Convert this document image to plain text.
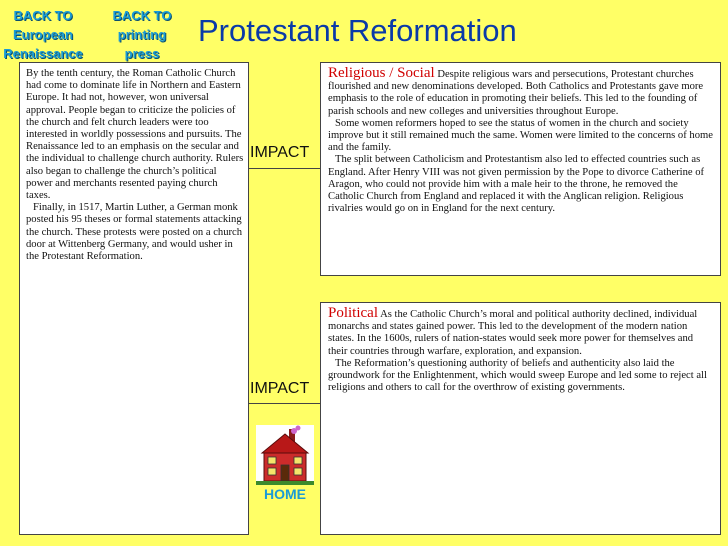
BACK TO
European
Renaissance
BACK TO
printing
press
Protestant Reformation

By the tenth century, the Roman Catholic Church had come to dominate life in Northern and Eastern Europe. It had not, however, won universal approval. People began to criticize the policies of the church and felt church leaders were too interested in worldly possessions and pursuits. The Renaissance led to an emphasis on the secular and the individual to challenge church authority. Rulers also began to challenge the church’s political power and merchants resented paying church taxes.

Finally, in 1517, Martin Luther, a German monk posted his 95 theses or formal statements attacking the church. These protests were posted on a church door at Wittenberg Germany, and would usher in the Protestant Reformation.

IMPACT

Religious / Social Despite religious wars and persecutions, Protestant churches flourished and new denominations developed. Both Catholics and Protestants gave more emphasis to the role of education in promoting their beliefs. This led to the founding of parish schools and new colleges and universities throughout Europe.

Some women reformers hoped to see the status of women in the church and society improve but it still remained much the same. Women were limited to the concerns of home and the family.

The split between Catholicism and Protestantism also led to effected countries such as England. After Henry VIII was not given permission by the Pope to divorce Catherine of Aragon, who could not provide him with a male heir to the throne, he removed the Catholic Church from England and replaced it with the Anglican religion. Religious rivalries would go on in England for the next century.

IMPACT

Political As the Catholic Church’s moral and political authority declined, individual monarchs and states gained power. This led to the development of the modern nation states. In the 1600s, rulers of nation-states would seek more power for themselves and their countries through warfare, exploration, and expansion.

The Reformation’s questioning authority of beliefs and authenticity also laid the groundwork for the Enlightenment, which would sweep Europe and led some to reject all religions and others to call for the overthrow of existing governments.

HOME
